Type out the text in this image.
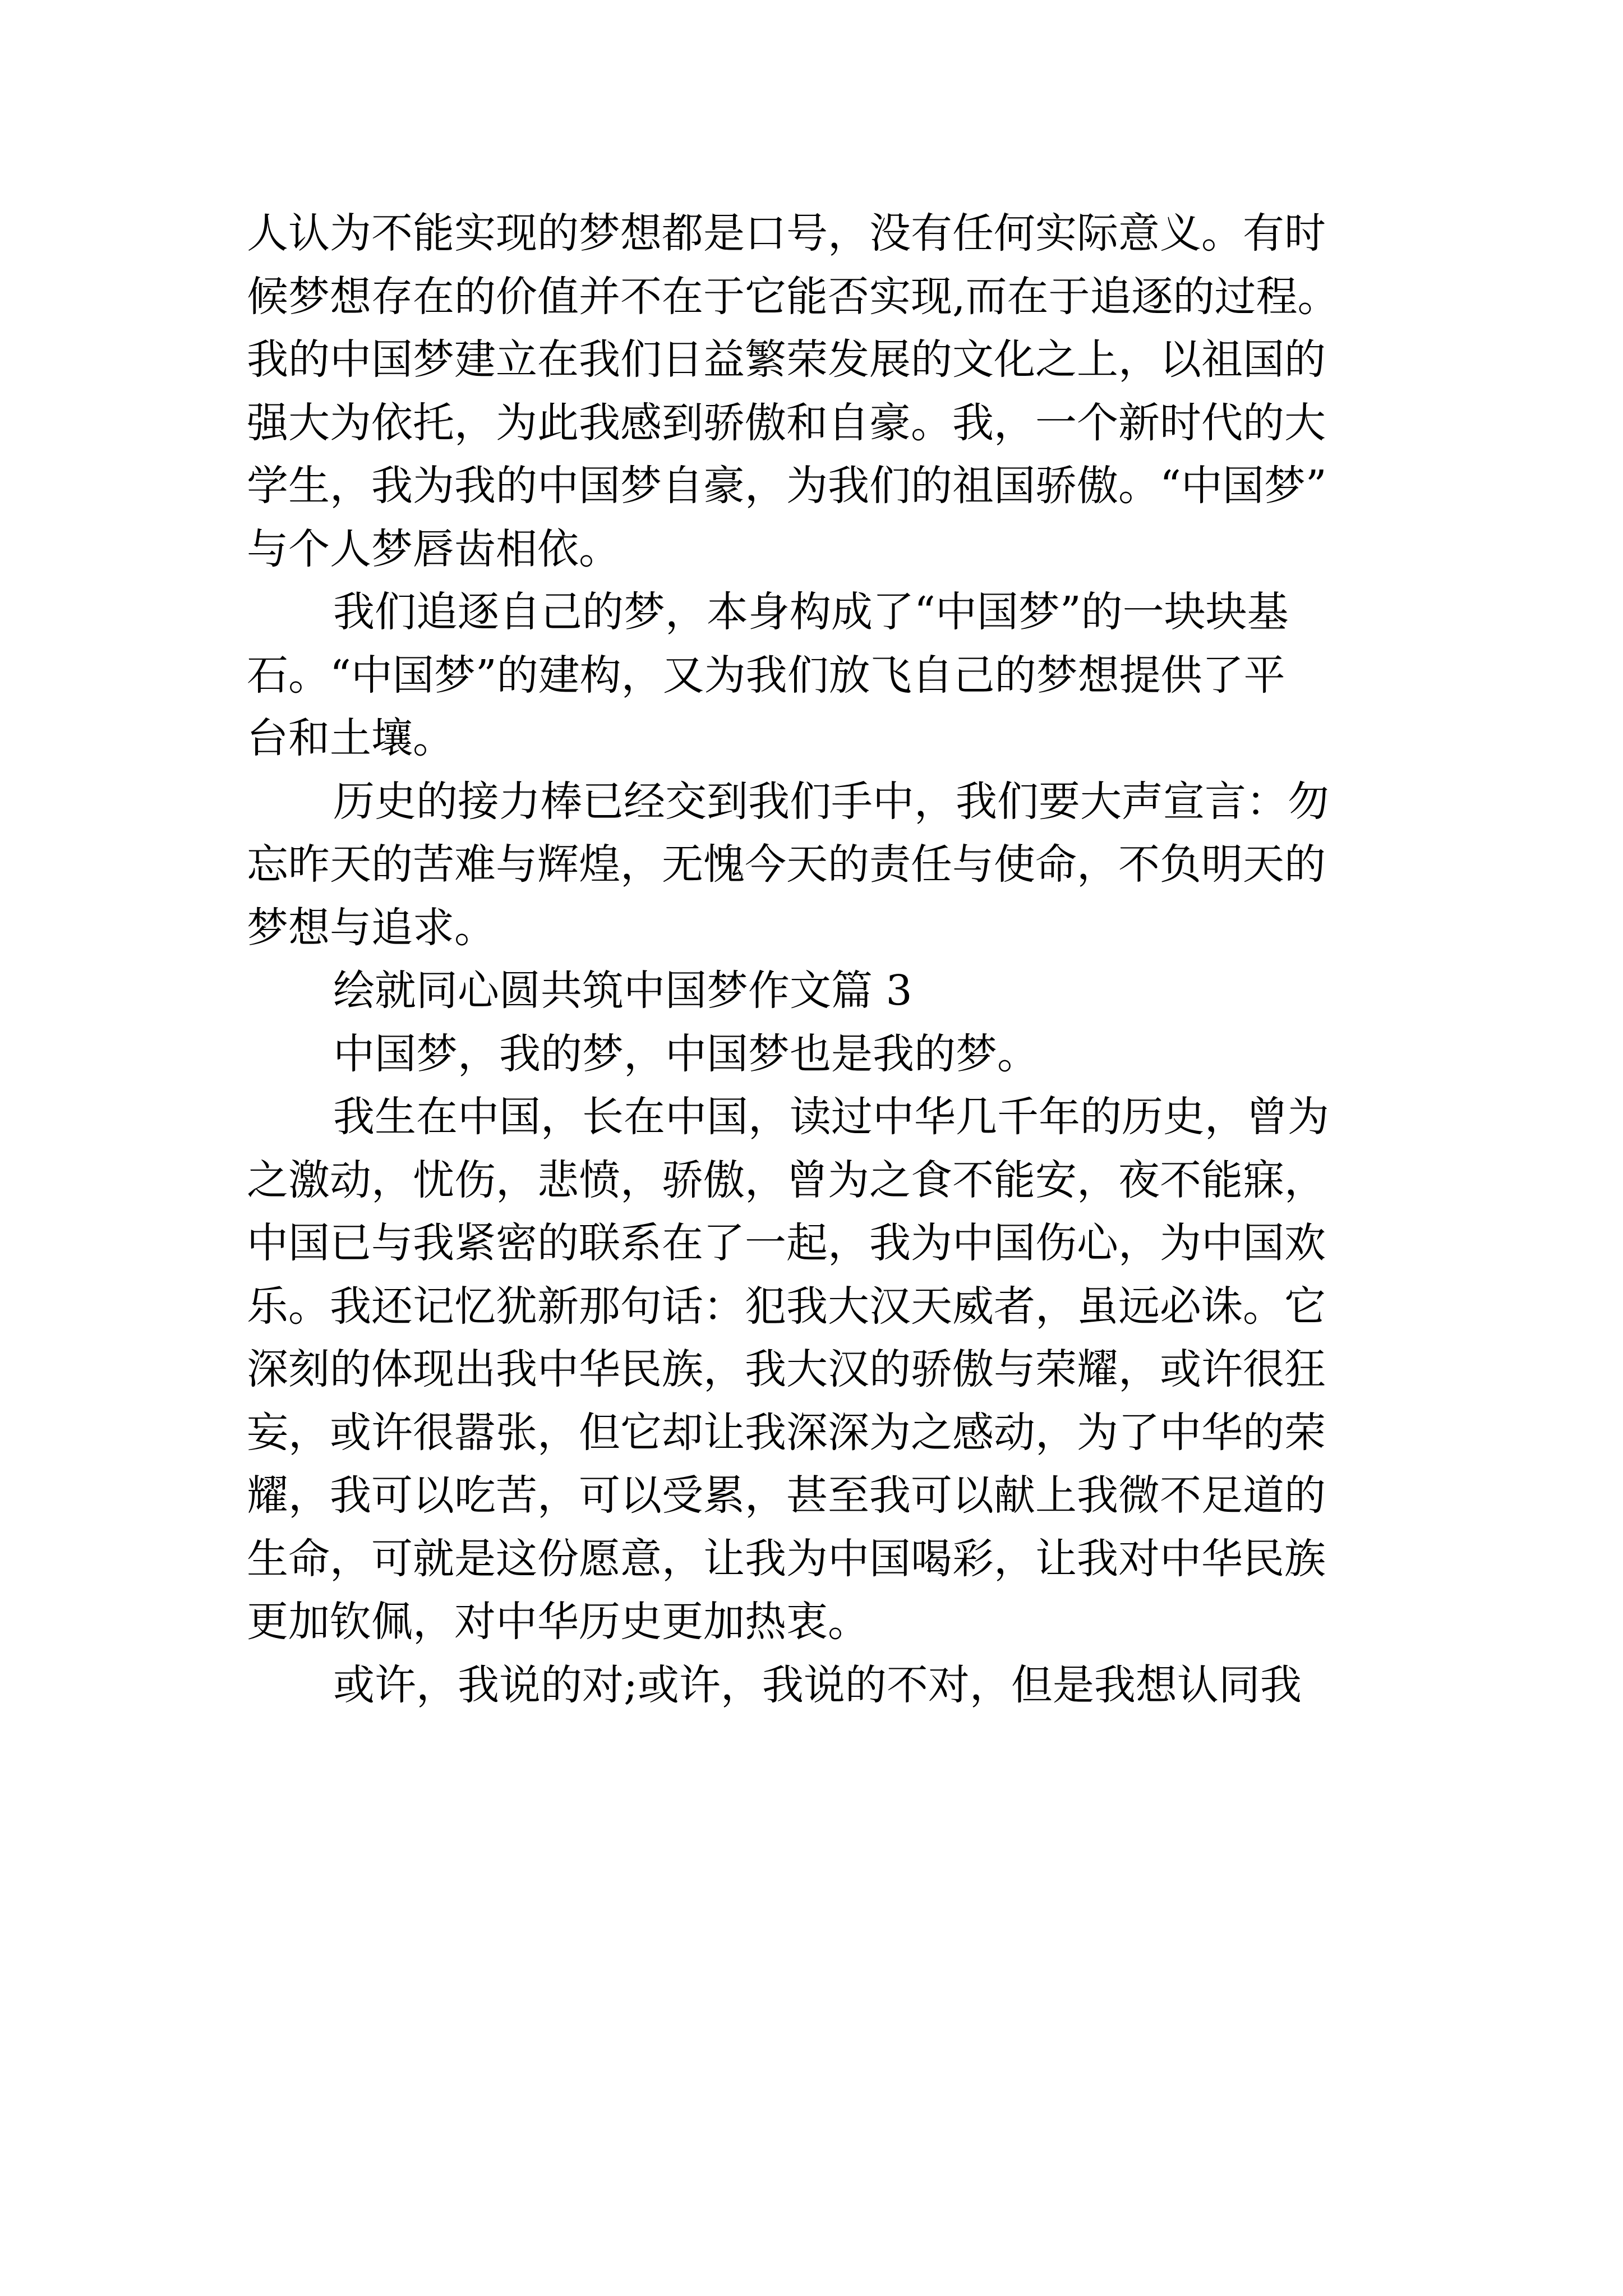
人认为不能实现的梦想都是口号，没有任何实际意义。有时
候梦想存在的价值并不在于它能否实现,而在于追逐的过程。
我的中国梦建立在我们日益繁荣发展的文化之上，以祖国的
强大为依托，为此我感到骄傲和自豪。我，一个新时代的大
学生，我为我的中国梦自豪，为我们的祖国骄傲。“中国梦”
与个人梦唇齿相依。
我们追逐自己的梦，本身构成了“中国梦”的一块块基
石。“中国梦”的建构，又为我们放飞自己的梦想提供了平
台和土壤。
历史的接力棒已经交到我们手中，我们要大声宣言：勿
忘昨天的苦难与辉煌，无愧今天的责任与使命，不负明天的
梦想与追求。
绘就同心圆共筑中国梦作文篇 3
中国梦，我的梦，中国梦也是我的梦。
我生在中国，长在中国，读过中华几千年的历史，曾为
之激动，忧伤，悲愤，骄傲，曾为之食不能安，夜不能寐，
中国已与我紧密的联系在了一起，我为中国伤心，为中国欢
乐。我还记忆犹新那句话：犯我大汉天威者，虽远必诛。它
深刻的体现出我中华民族，我大汉的骄傲与荣耀，或许很狂
妄，或许很嚣张，但它却让我深深为之感动，为了中华的荣
耀，我可以吃苦，可以受累，甚至我可以献上我微不足道的
生命，可就是这份愿意，让我为中国喝彩，让我对中华民族
更加钦佩，对中华历史更加热衷。
或许，我说的对;或许，我说的不对，但是我想认同我
